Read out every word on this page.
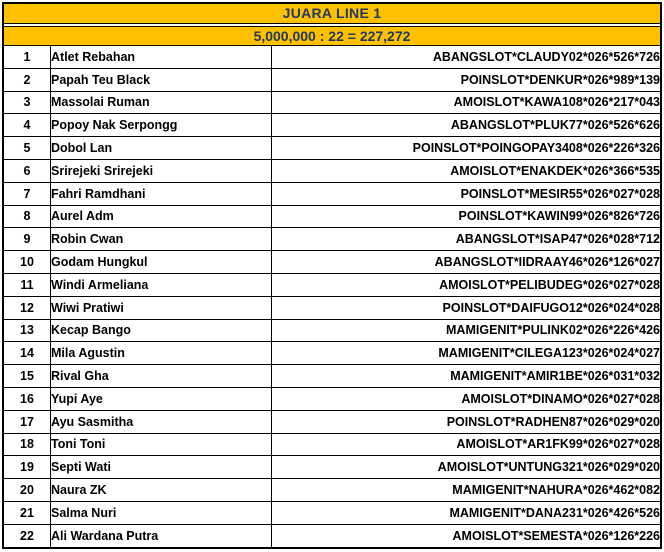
JUARA LINE 1
5,000,000 : 22 = 227,272
1	Atlet Rebahan	ABANGSLOT*CLAUDY02*026*526*726
2	Papah Teu Black	POINSLOT*DENKUR*026*989*139
3	Massolai Ruman	AMOISLOT*KAWA108*026*217*043
4	Popoy Nak Serpongg	ABANGSLOT*PLUK77*026*526*626
5	Dobol Lan	POINSLOT*POINGOPAY3408*026*226*326
6	Srirejeki Srirejeki	AMOISLOT*ENAKDEK*026*366*535
7	Fahri Ramdhani	POINSLOT*MESIR55*026*027*028
8	Aurel Adm	POINSLOT*KAWIN99*026*826*726
9	Robin Cwan	ABANGSLOT*ISAP47*026*028*712
10	Godam Hungkul	ABANGSLOT*IIDRAAY46*026*126*027
11	Windi Armeliana	AMOISLOT*PELIBUDEG*026*027*028
12	Wiwi Pratiwi	POINSLOT*DAIFUGO12*026*024*028
13	Kecap Bango	MAMIGENIT*PULINK02*026*226*426
14	Mila Agustin	MAMIGENIT*CILEGA123*026*024*027
15	Rival Gha	MAMIGENIT*AMIR1BE*026*031*032
16	Yupi Aye	AMOISLOT*DINAMO*026*027*028
17	Ayu Sasmitha	POINSLOT*RADHEN87*026*029*020
18	Toni Toni	AMOISLOT*AR1FK99*026*027*028
19	Septi Wati	AMOISLOT*UNTUNG321*026*029*020
20	Naura ZK	MAMIGENIT*NAHURA*026*462*082
21	Salma Nuri	MAMIGENIT*DANA231*026*426*526
22	Ali Wardana Putra	AMOISLOT*SEMESTA*026*126*226
